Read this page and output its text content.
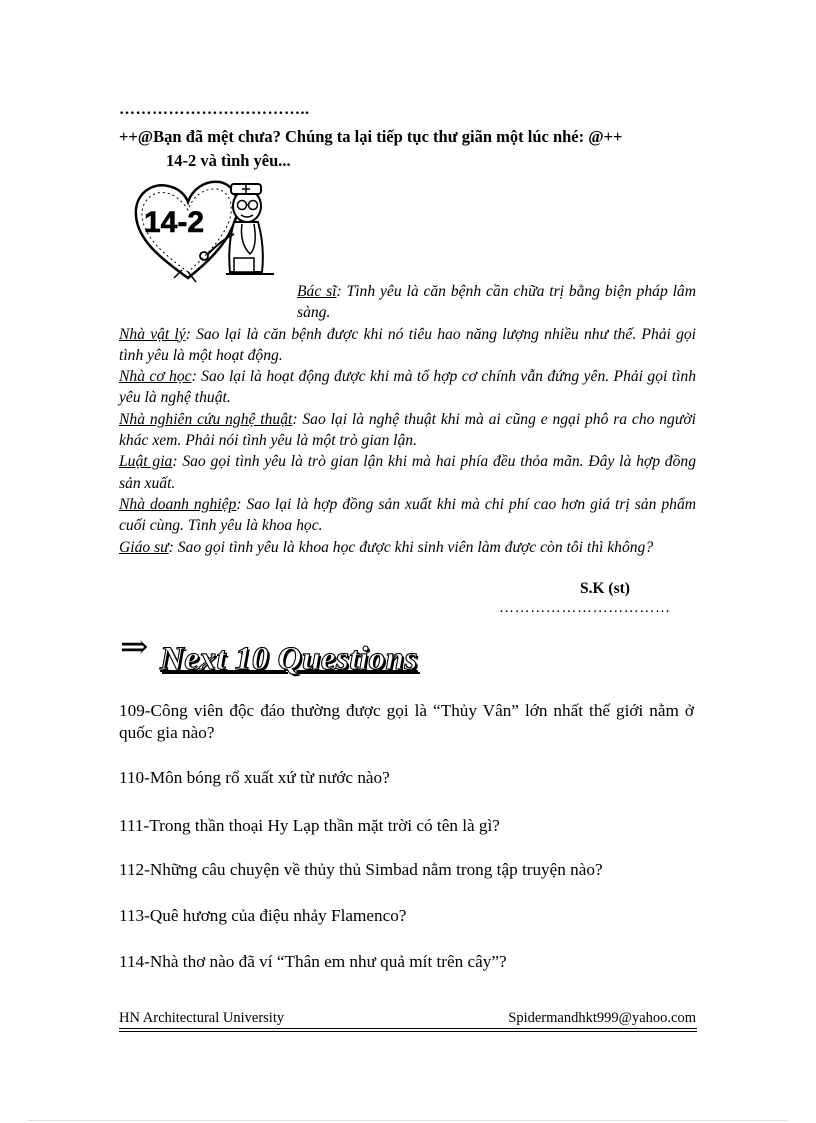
……………………………..
++@Bạn đã mệt chưa? Chúng ta lại tiếp tục thư giãn một lúc nhé: @++
14-2 và tình yêu...
14-2
Bác sĩ: Tình yêu là căn bệnh cần chữa trị bằng biện pháp lâm sàng.
Nhà vật lý: Sao lại là căn bệnh được khi nó tiêu hao năng lượng nhiều như thế. Phải gọi tình yêu là một hoạt động.
Nhà cơ học: Sao lại là hoạt động được khi mà tổ hợp cơ chính vẫn đứng yên. Phải gọi tình yêu là nghệ thuật.
Nhà nghiên cứu nghệ thuật: Sao lại là nghệ thuật khi mà ai cũng e ngại phô ra cho người khác xem. Phải nói tình yêu là một trò gian lận.
Luật gia: Sao gọi tình yêu là trò gian lận khi mà hai phía đều thỏa mãn. Đây là hợp đồng sản xuất.
Nhà doanh nghiệp: Sao lại là hợp đồng sản xuất khi mà chi phí cao hơn giá trị sản phẩm cuối cùng. Tình yêu là khoa học.
Giáo sư: Sao gọi tình yêu là khoa học được khi sinh viên làm được còn tôi thì không?
S.K (st)
……………………………
⇒ Next 10 Questions
109-Công viên độc đáo thường được gọi là “Thủy Vân” lớn nhất thế giới nằm ở quốc gia nào?
110-Môn bóng rổ xuất xứ từ nước nào?
111-Trong thần thoại Hy Lạp thần mặt trời có tên là gì?
112-Những câu chuyện về thủy thủ Simbad nằm trong tập truyện nào?
113-Quê hương của điệu nhảy Flamenco?
114-Nhà thơ nào đã ví “Thân em như quả mít trên cây”?
HN Architectural University	Spidermandhkt999@yahoo.com
